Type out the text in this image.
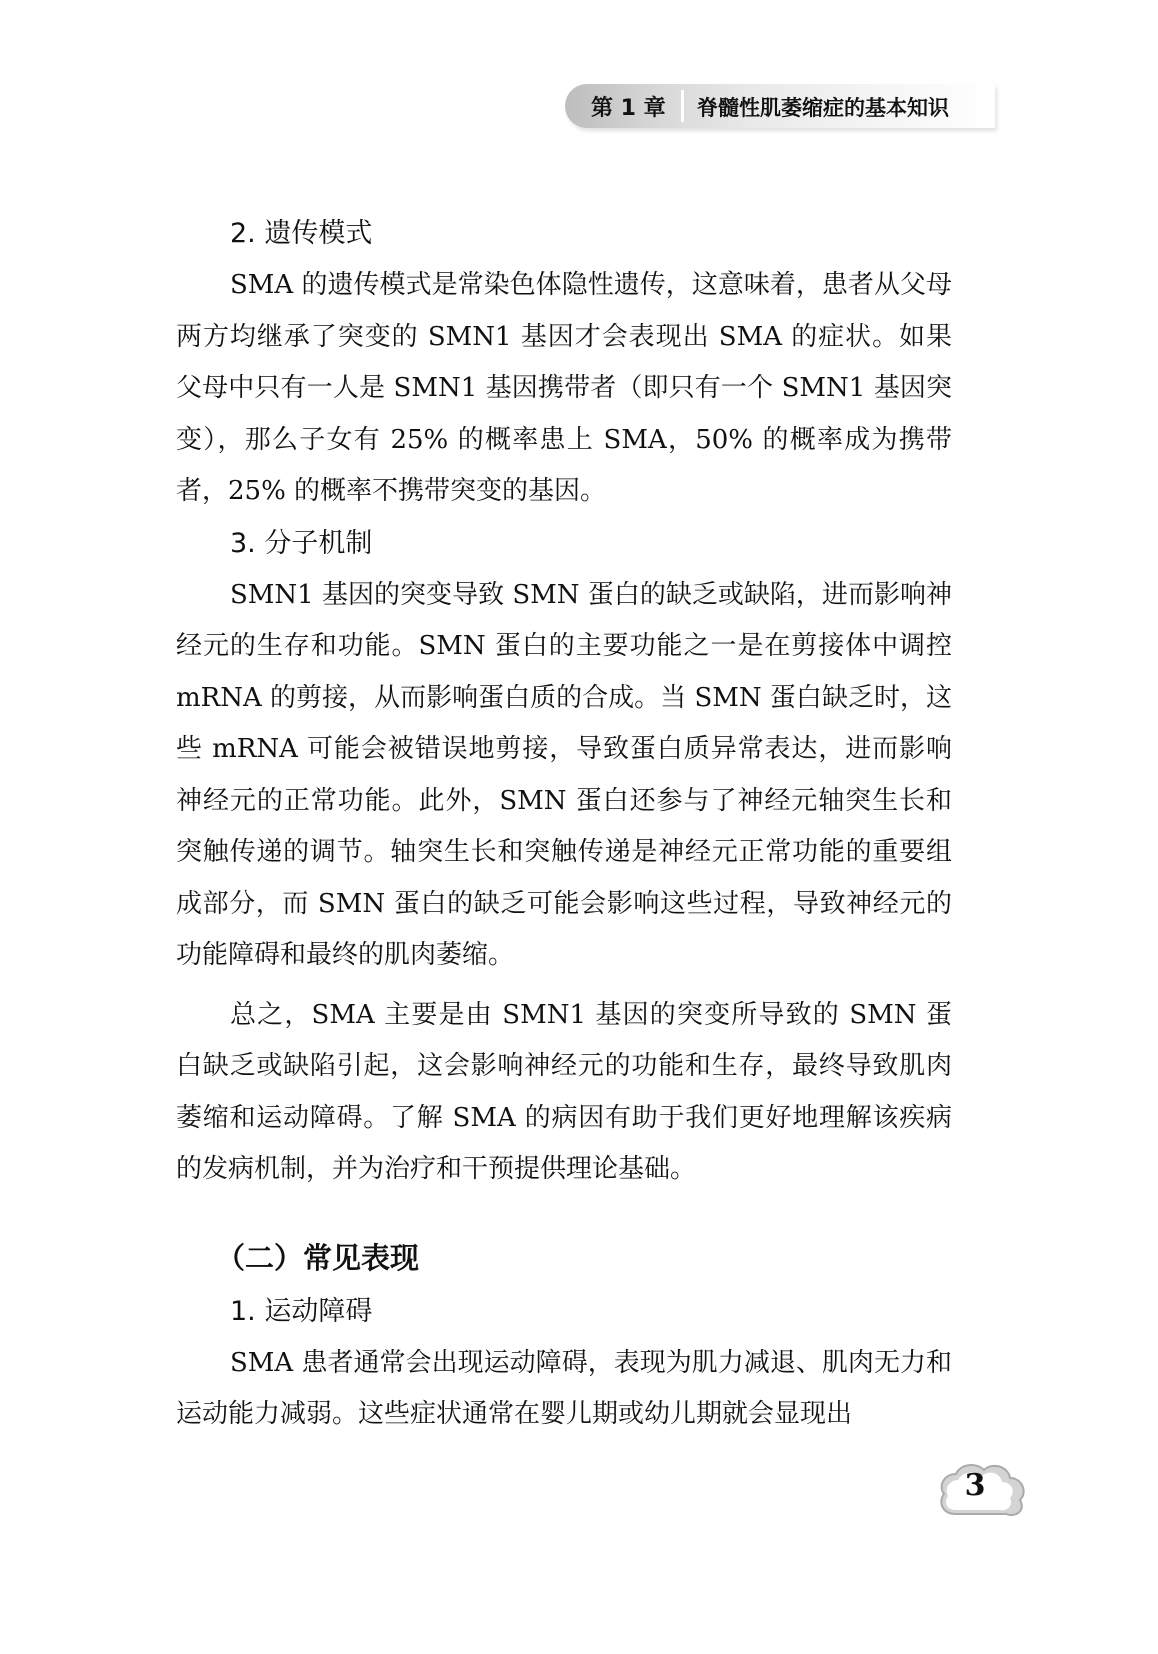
第 1 章 脊髓性肌萎缩症的基本知识

2. 遗传模式

SMA 的遗传模式是常染色体隐性遗传，这意味着，患者从父母两方均继承了突变的 SMN1 基因才会表现出 SMA 的症状。如果父母中只有一人是 SMN1 基因携带者（即只有一个 SMN1 基因突变），那么子女有 25% 的概率患上 SMA，50% 的概率成为携带者，25% 的概率不携带突变的基因。

3. 分子机制

SMN1 基因的突变导致 SMN 蛋白的缺乏或缺陷，进而影响神经元的生存和功能。SMN 蛋白的主要功能之一是在剪接体中调控 mRNA 的剪接，从而影响蛋白质的合成。当 SMN 蛋白缺乏时，这些 mRNA 可能会被错误地剪接，导致蛋白质异常表达，进而影响神经元的正常功能。此外，SMN 蛋白还参与了神经元轴突生长和突触传递的调节。轴突生长和突触传递是神经元正常功能的重要组成部分，而 SMN 蛋白的缺乏可能会影响这些过程，导致神经元的功能障碍和最终的肌肉萎缩。

总之，SMA 主要是由 SMN1 基因的突变所导致的 SMN 蛋白缺乏或缺陷引起，这会影响神经元的功能和生存，最终导致肌肉萎缩和运动障碍。了解 SMA 的病因有助于我们更好地理解该疾病的发病机制，并为治疗和干预提供理论基础。

（二）常见表现

1. 运动障碍

SMA 患者通常会出现运动障碍，表现为肌力减退、肌肉无力和运动能力减弱。这些症状通常在婴儿期或幼儿期就会显现出

3
